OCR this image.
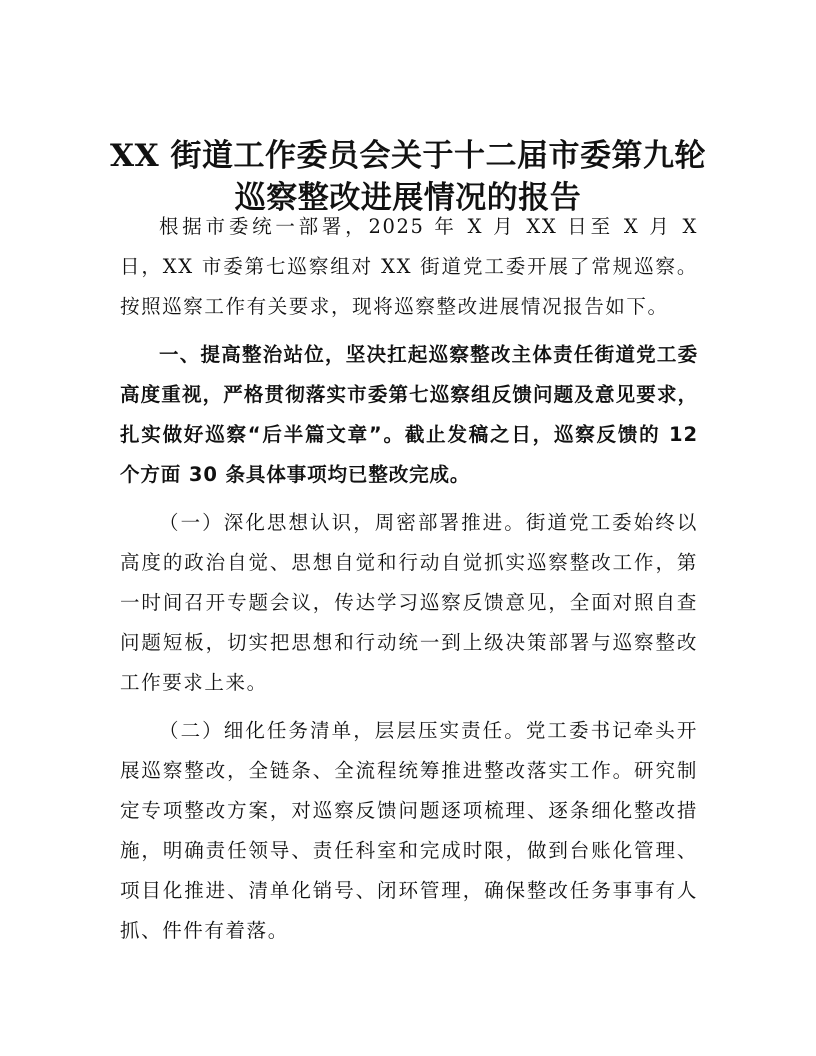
XX 街道工作委员会关于十二届市委第九轮
巡察整改进展情况的报告

根据市委统一部署，2025 年 X 月 XX 日至 X 月 X 日，XX 市委第七巡察组对 XX 街道党工委开展了常规巡察。按照巡察工作有关要求，现将巡察整改进展情况报告如下。

一、提高整治站位，坚决扛起巡察整改主体责任街道党工委高度重视，严格贯彻落实市委第七巡察组反馈问题及意见要求，扎实做好巡察“后半篇文章”。截止发稿之日，巡察反馈的 12 个方面 30 条具体事项均已整改完成。

（一）深化思想认识，周密部署推进。街道党工委始终以高度的政治自觉、思想自觉和行动自觉抓实巡察整改工作，第一时间召开专题会议，传达学习巡察反馈意见，全面对照自查问题短板，切实把思想和行动统一到上级决策部署与巡察整改工作要求上来。

（二）细化任务清单，层层压实责任。党工委书记牵头开展巡察整改，全链条、全流程统筹推进整改落实工作。研究制定专项整改方案，对巡察反馈问题逐项梳理、逐条细化整改措施，明确责任领导、责任科室和完成时限，做到台账化管理、项目化推进、清单化销号、闭环管理，确保整改任务事事有人抓、件件有着落。
